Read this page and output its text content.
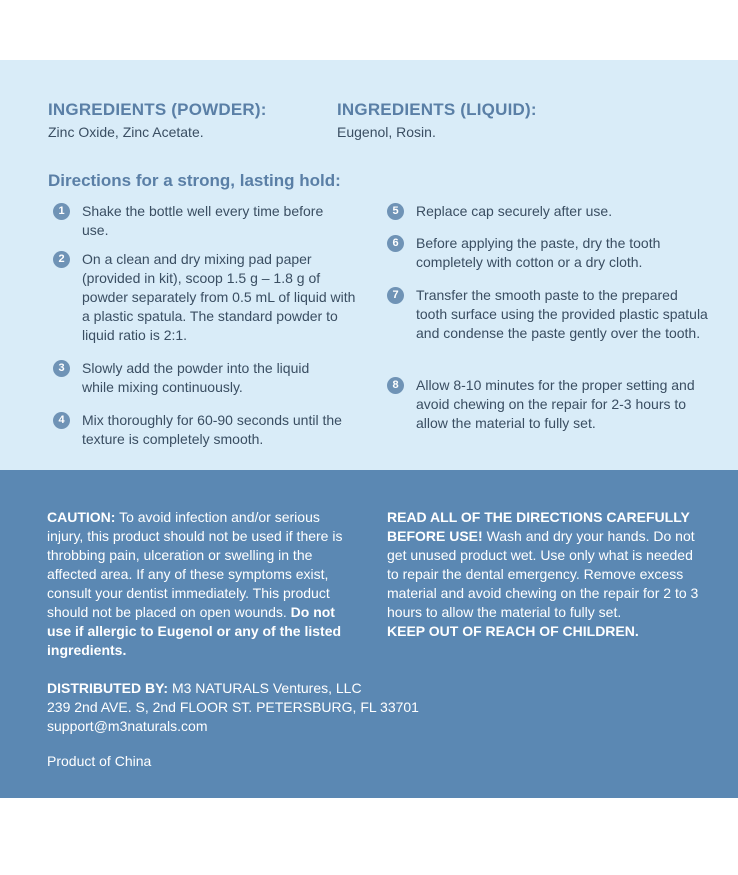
INGREDIENTS (POWDER):

Zinc Oxide, Zinc Acetate.

INGREDIENTS (LIQUID):

Eugenol, Rosin.

Directions for a strong, lasting hold:
1	Shake the bottle well every time before use.

2	On a clean and dry mixing pad paper (provided in kit), scoop 1.5 g – 1.8 g of powder separately from 0.5 mL of liquid with a plastic spatula. The standard powder to liquid ratio is 2:1.

3	Slowly add the powder into the liquid while mixing continuously.

4	Mix thoroughly for 60-90 seconds until the texture is completely smooth.

5	Replace cap securely after use.

6	Before applying the paste, dry the tooth completely with cotton or a dry cloth.

7	Transfer the smooth paste to the prepared tooth surface using the provided plastic spatula and condense the paste gently over the tooth.

8	Allow 8-10 minutes for the proper setting and avoid chewing on the repair for 2-3 hours to allow the material to fully set.

CAUTION: To avoid infection and/or serious injury, this product should not be used if there is throbbing pain, ulceration or swelling in the affected area. If any of these symptoms exist, consult your dentist immediately. This product should not be placed on open wounds. Do not use if allergic to Eugenol or any of the listed ingredients.

READ ALL OF THE DIRECTIONS CAREFULLY BEFORE USE! Wash and dry your hands. Do not get unused product wet. Use only what is needed to repair the dental emergency. Remove excess material and avoid chewing on the repair for 2 to 3 hours to allow the material to fully set.
KEEP OUT OF REACH OF CHILDREN.

DISTRIBUTED BY: M3 NATURALS Ventures, LLC
239 2nd AVE. S, 2nd FLOOR ST. PETERSBURG, FL 33701
support@m3naturals.com

Product of China
